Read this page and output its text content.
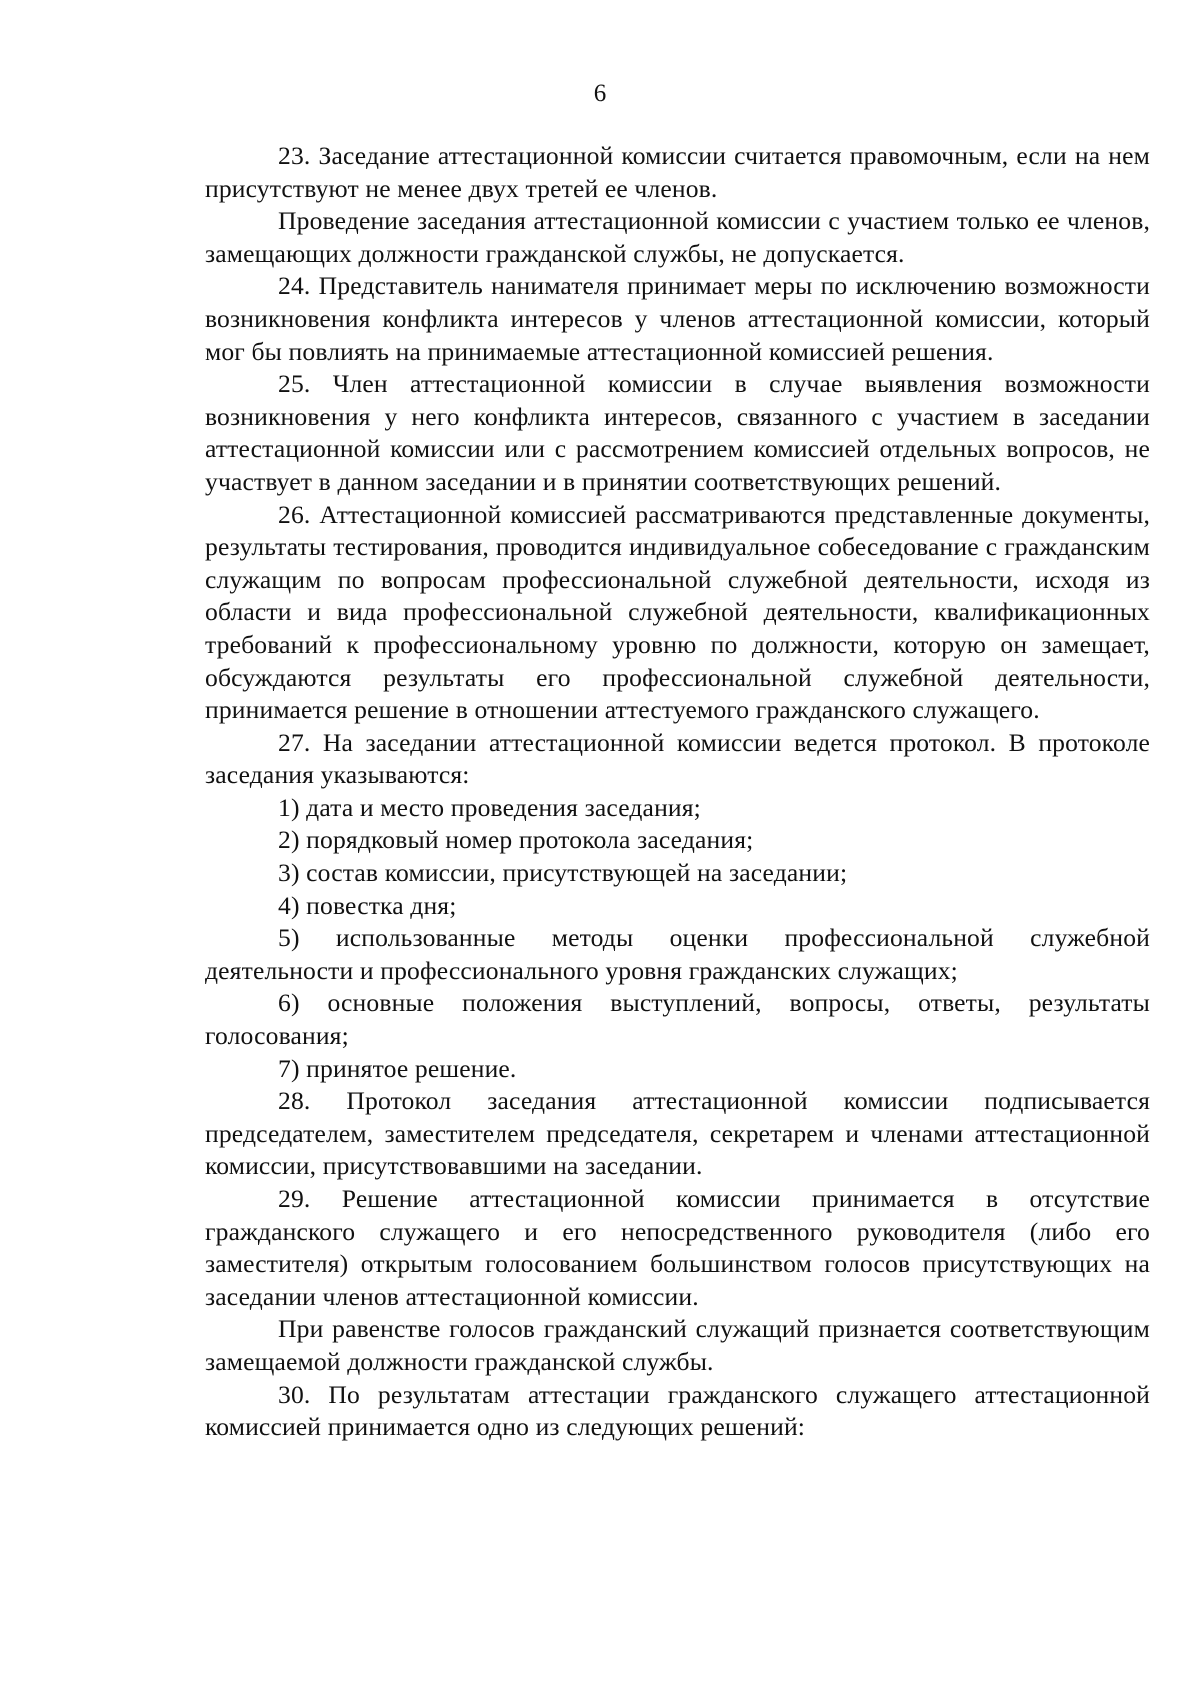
6

23. Заседание аттестационной комиссии считается правомочным, если на нем присутствуют не менее двух третей ее членов.

Проведение заседания аттестационной комиссии с участием только ее членов, замещающих должности гражданской службы, не допускается.

24. Представитель нанимателя принимает меры по исключению возможности возникновения конфликта интересов у членов аттестационной комиссии, который мог бы повлиять на принимаемые аттестационной комиссией решения.

25. Член аттестационной комиссии в случае выявления возможности возникновения у него конфликта интересов, связанного с участием в заседании аттестационной комиссии или с рассмотрением комиссией отдельных вопросов, не участвует в данном заседании и в принятии соответствующих решений.

26. Аттестационной комиссией рассматриваются представленные документы, результаты тестирования, проводится индивидуальное собеседование с гражданским служащим по вопросам профессиональной служебной деятельности, исходя из области и вида профессиональной служебной деятельности, квалификационных требований к профессиональному уровню по должности, которую он замещает, обсуждаются результаты его профессиональной служебной деятельности, принимается решение в отношении аттестуемого гражданского служащего.

27. На заседании аттестационной комиссии ведется протокол. В протоколе заседания указываются:

1) дата и место проведения заседания;

2) порядковый номер протокола заседания;

3) состав комиссии, присутствующей на заседании;

4) повестка дня;

5) использованные методы оценки профессиональной служебной деятельности и профессионального уровня гражданских служащих;

6) основные положения выступлений, вопросы, ответы, результаты голосования;

7) принятое решение.

28. Протокол заседания аттестационной комиссии подписывается председателем, заместителем председателя, секретарем и членами аттестационной комиссии, присутствовавшими на заседании.

29. Решение аттестационной комиссии принимается в отсутствие гражданского служащего и его непосредственного руководителя (либо его заместителя) открытым голосованием большинством голосов присутствующих на заседании членов аттестационной комиссии.

При равенстве голосов гражданский служащий признается соответствующим замещаемой должности гражданской службы.

30. По результатам аттестации гражданского служащего аттестационной комиссией принимается одно из следующих решений:
